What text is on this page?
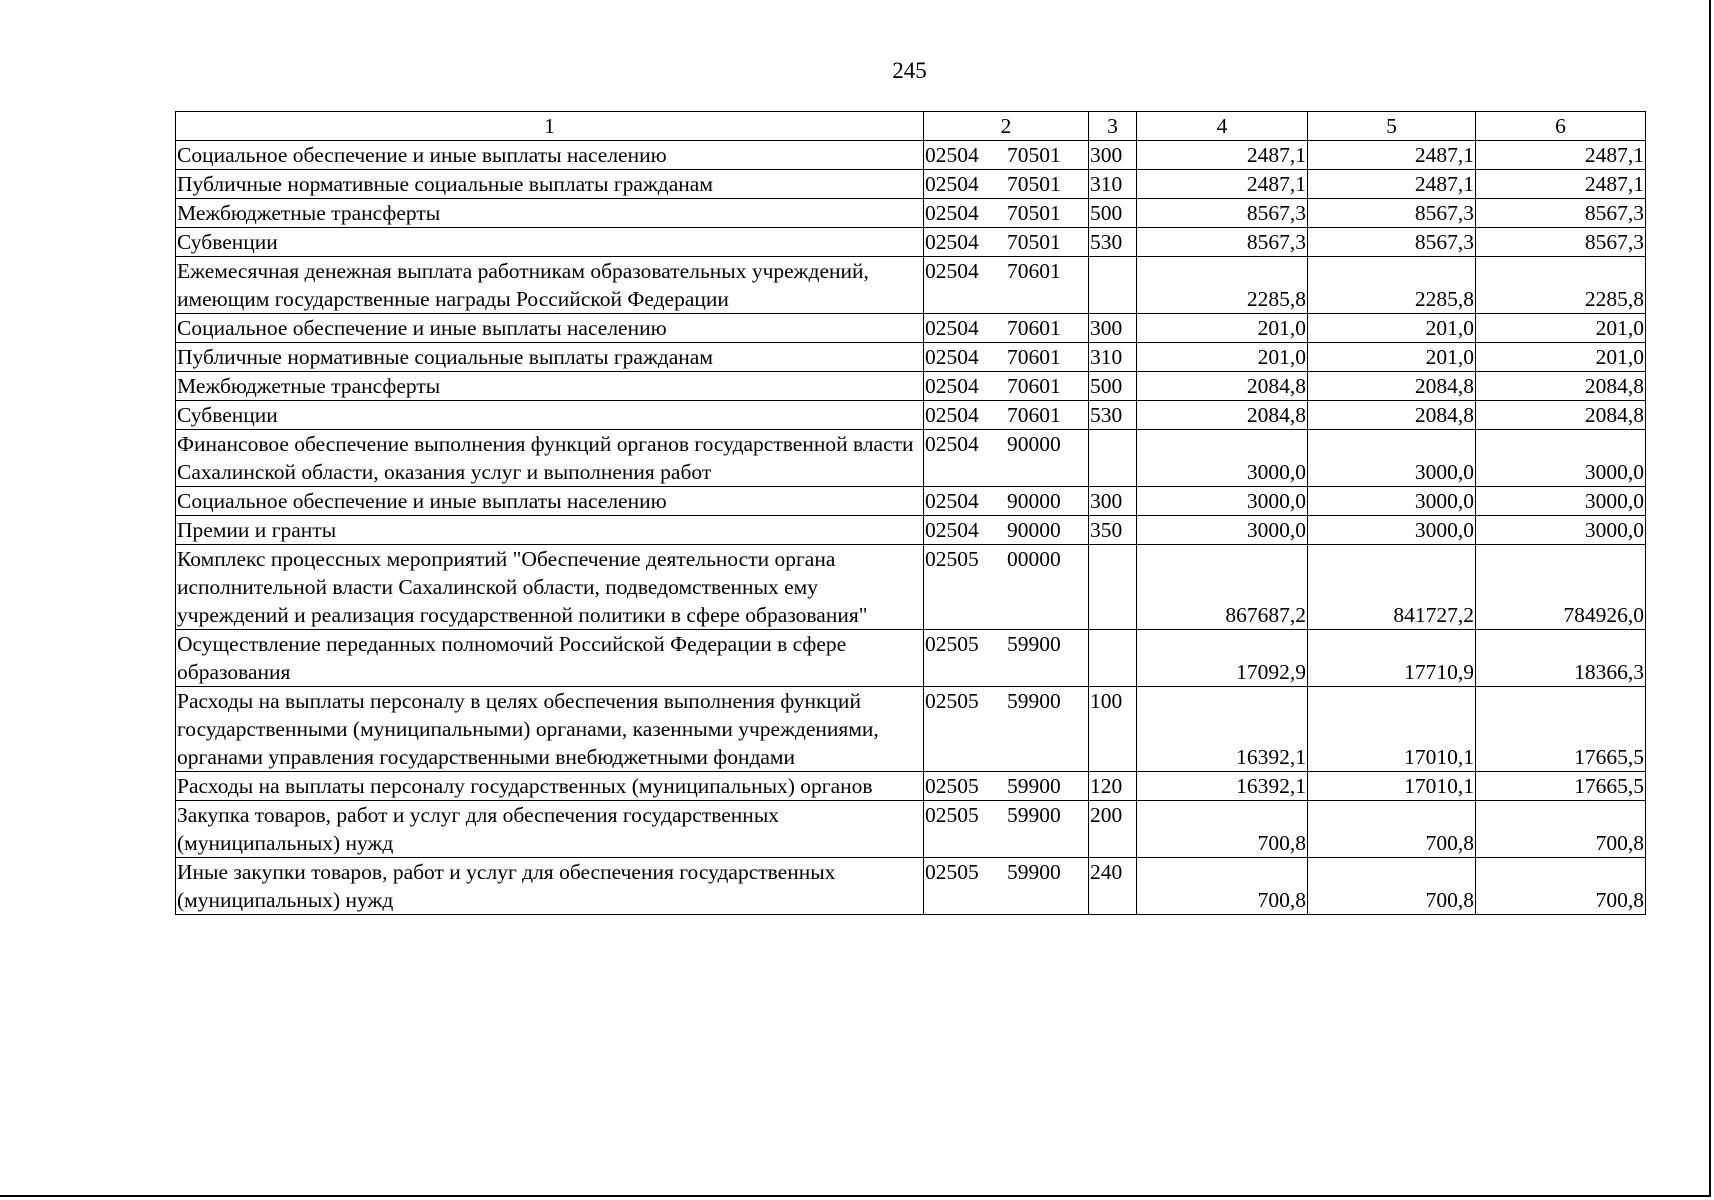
245
1	2	3	4	5	6
Социальное обеспечение и иные выплаты населению	02504 70501	300	2487,1	2487,1	2487,1
Публичные нормативные социальные выплаты гражданам	02504 70501	310	2487,1	2487,1	2487,1
Межбюджетные трансферты	02504 70501	500	8567,3	8567,3	8567,3
Субвенции	02504 70501	530	8567,3	8567,3	8567,3
Ежемесячная денежная выплата работникам образовательных учреждений, имеющим государственные награды Российской Федерации	02504 70601		2285,8	2285,8	2285,8
Социальное обеспечение и иные выплаты населению	02504 70601	300	201,0	201,0	201,0
Публичные нормативные социальные выплаты гражданам	02504 70601	310	201,0	201,0	201,0
Межбюджетные трансферты	02504 70601	500	2084,8	2084,8	2084,8
Субвенции	02504 70601	530	2084,8	2084,8	2084,8
Финансовое обеспечение выполнения функций органов государственной власти Сахалинской области, оказания услуг и выполнения работ	02504 90000		3000,0	3000,0	3000,0
Социальное обеспечение и иные выплаты населению	02504 90000	300	3000,0	3000,0	3000,0
Премии и гранты	02504 90000	350	3000,0	3000,0	3000,0
Комплекс процессных мероприятий "Обеспечение деятельности органа исполнительной власти Сахалинской области, подведомственных ему учреждений и реализация государственной политики в сфере образования"	02505 00000		867687,2	841727,2	784926,0
Осуществление переданных полномочий Российской Федерации в сфере образования	02505 59900		17092,9	17710,9	18366,3
Расходы на выплаты персоналу в целях обеспечения выполнения функций государственными (муниципальными) органами, казенными учреждениями, органами управления государственными внебюджетными фондами	02505 59900	100	16392,1	17010,1	17665,5
Расходы на выплаты персоналу государственных (муниципальных) органов	02505 59900	120	16392,1	17010,1	17665,5
Закупка товаров, работ и услуг для обеспечения государственных (муниципальных) нужд	02505 59900	200	700,8	700,8	700,8
Иные закупки товаров, работ и услуг для обеспечения государственных (муниципальных) нужд	02505 59900	240	700,8	700,8	700,8
